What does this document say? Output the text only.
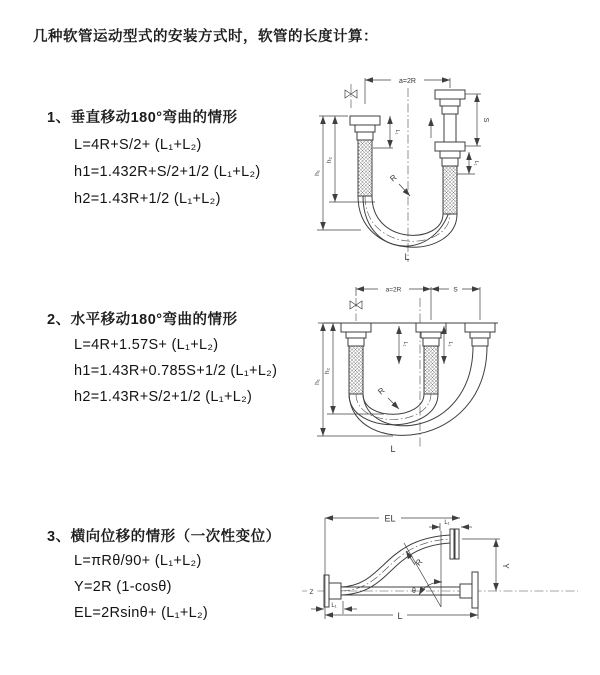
几种软管运动型式的安装方式时，软管的长度计算：
1、垂直移动180°弯曲的情形
L=4R+S/2+ (L₁+L₂)
h1=1.432R+S/2+1/2 (L₁+L₂)
h2=1.43R+1/2 (L₁+L₂)
2、水平移动180°弯曲的情形
L=4R+1.57S+ (L₁+L₂)
h1=1.43R+0.785S+1/2 (L₁+L₂)
h2=1.43R+S/2+1/2 (L₁+L₂)
3、横向位移的情形（一次性变位）
L=πRθ/90+ (L₁+L₂)
Y=2R (1-cosθ)
EL=2Rsinθ+ (L₁+L₂)
a=2R
S
L₁
L₁
h₁
h₂
R
L
a=2R	S
h₁
h₂
L₁	L₁
R
L
θ
Z
EL	L₁
Y
L
L₁
R
